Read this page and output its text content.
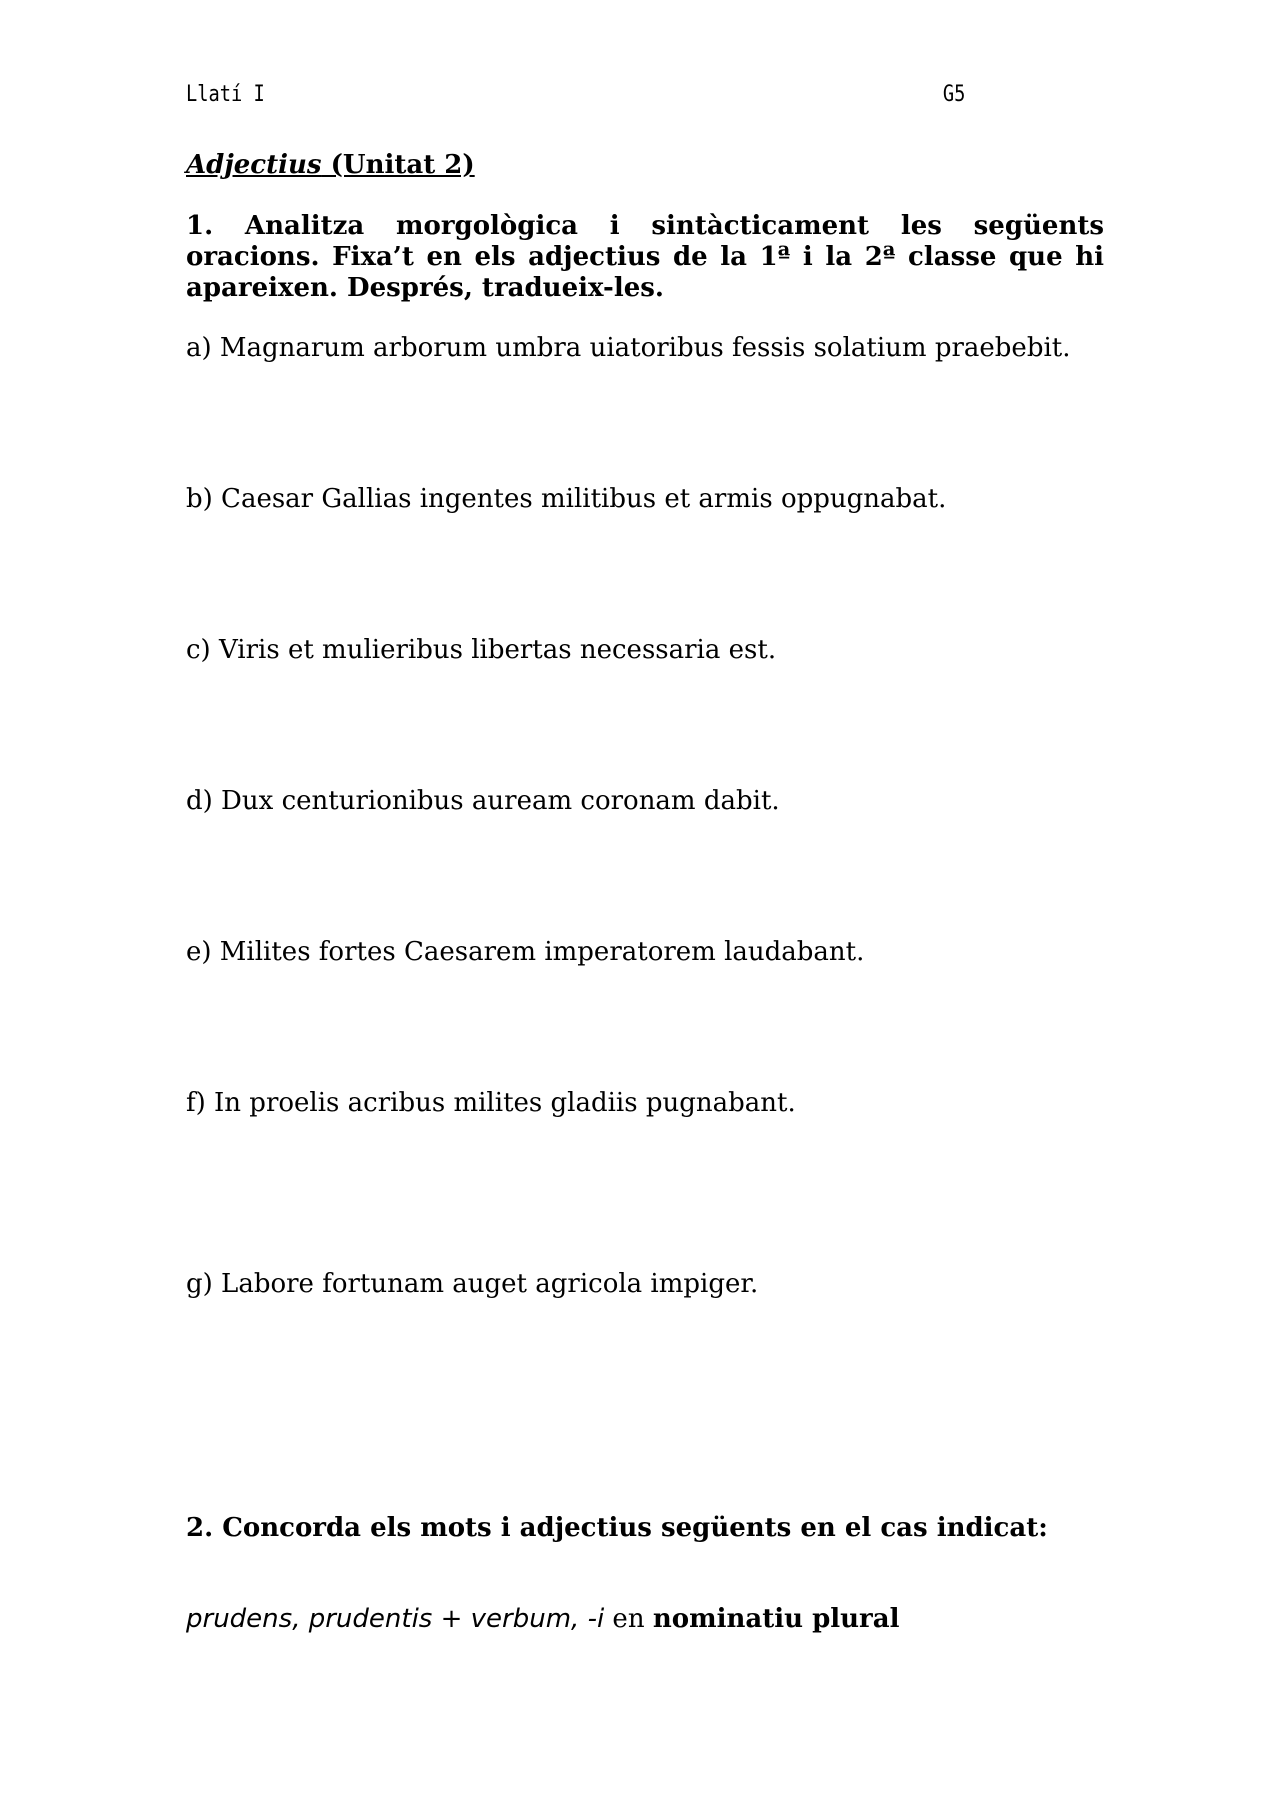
Llatí I	G5
Adjectius (Unitat 2)
1. Analitza morgològica i sintàcticament les següents oracions. Fixa’t en els adjectius de la 1ª i la 2ª classe que hi apareixen. Després, tradueix-les.
a) Magnarum arborum umbra uiatoribus fessis solatium praebebit.
b) Caesar Gallias ingentes militibus et armis oppugnabat.
c) Viris et mulieribus libertas necessaria est.
d) Dux centurionibus auream coronam dabit.
e) Milites fortes Caesarem imperatorem laudabant.
f) In proelis acribus milites gladiis pugnabant.
g) Labore fortunam auget agricola impiger.
2. Concorda els mots i adjectius següents en el cas indicat:
prudens, prudentis + verbum, -i en nominatiu plural
